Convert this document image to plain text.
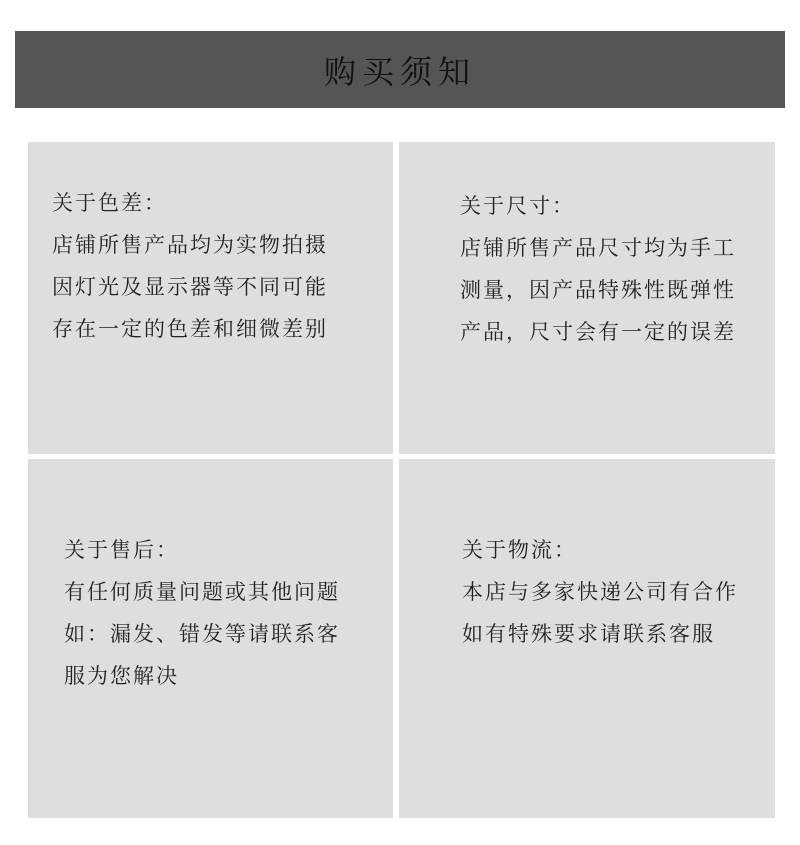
购买须知
关于色差：
店铺所售产品均为实物拍摄
因灯光及显示器等不同可能
存在一定的色差和细微差别
关于尺寸：
店铺所售产品尺寸均为手工
测量，因产品特殊性既弹性
产品，尺寸会有一定的误差
关于售后：
有任何质量问题或其他问题
如：漏发、错发等请联系客
服为您解决
关于物流：
本店与多家快递公司有合作
如有特殊要求请联系客服
